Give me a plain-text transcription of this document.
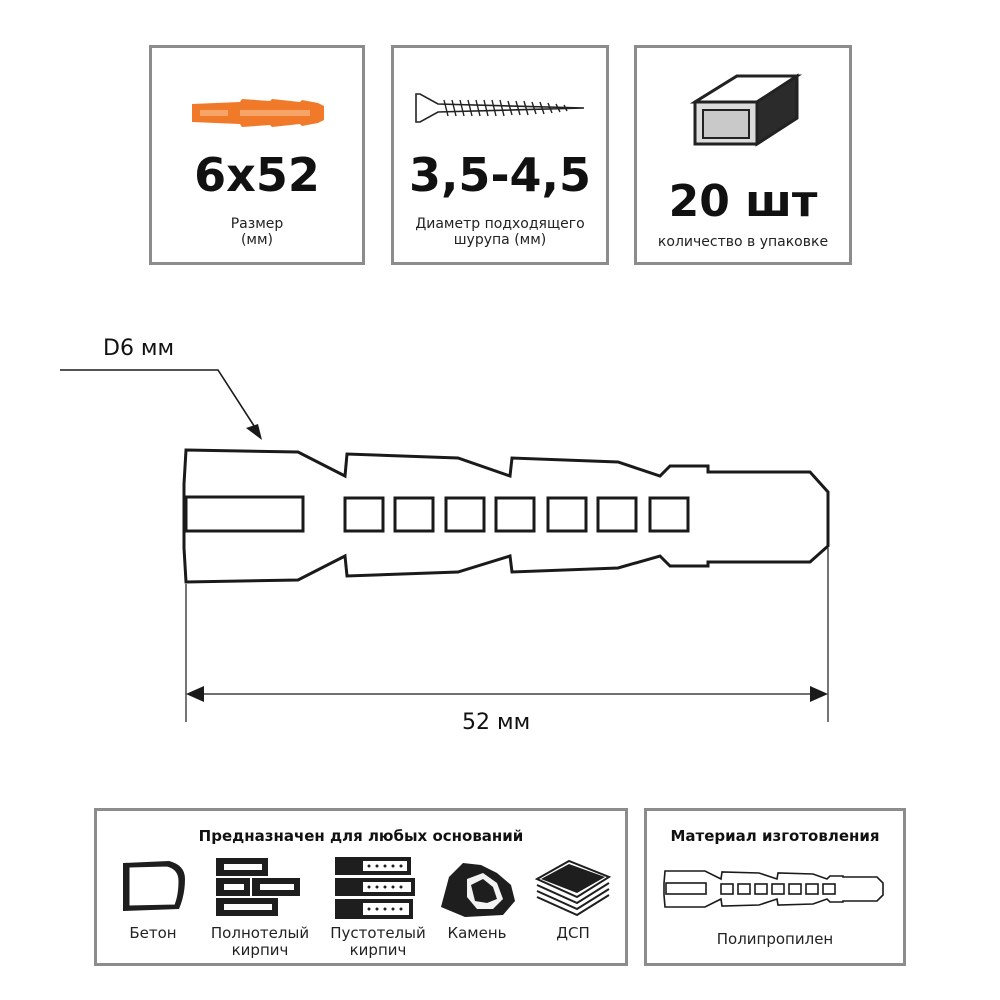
6x52
Размер
(мм)
3,5-4,5
Диаметр подходящего
шурупа (мм)
20 шт
количество в упаковке
D6 мм
52 мм
Предназначен для любых оснований
Бетон	Полнотелый
кирпич
Пустотелый
кирпич
Камень	ДСП
Материал изготовления
Полипропилен
